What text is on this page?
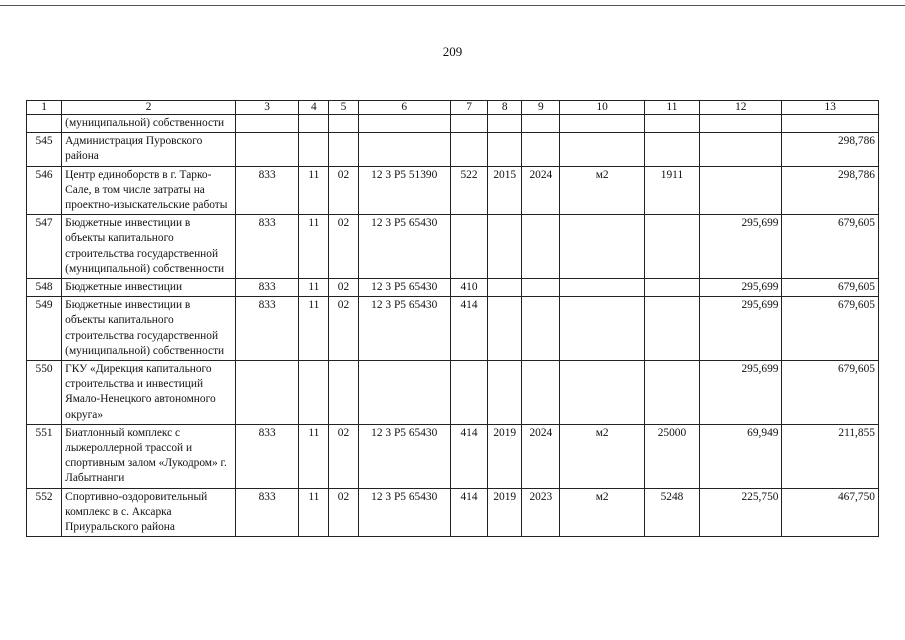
209
1	2	3	4	5	6	7	8	9	10	11	12	13
	(муниципальной) собственности											
545	Администрация Пуровского района											298,786
546	Центр единоборств в г. Тарко-Сале, в том числе затраты на проектно-изыскательские работы	833	11	02	12 3 Р5 51390	522	2015	2024	м2	1911		298,786
547	Бюджетные инвестиции в объекты капитального строительства государственной (муниципальной) собственности	833	11	02	12 3 Р5 65430						295,699	679,605
548	Бюджетные инвестиции	833	11	02	12 3 Р5 65430	410					295,699	679,605
549	Бюджетные инвестиции в объекты капитального строительства государственной (муниципальной) собственности	833	11	02	12 3 Р5 65430	414					295,699	679,605
550	ГКУ «Дирекция капитального строительства и инвестиций Ямало-Ненецкого автономного округа»										295,699	679,605
551	Биатлонный комплекс с лыжероллерной трассой и спортивным залом «Лукодром» г. Лабытнанги	833	11	02	12 3 Р5 65430	414	2019	2024	м2	25000	69,949	211,855
552	Спортивно-оздоровительный комплекс в с. Аксарка Приуральского района	833	11	02	12 3 Р5 65430	414	2019	2023	м2	5248	225,750	467,750
